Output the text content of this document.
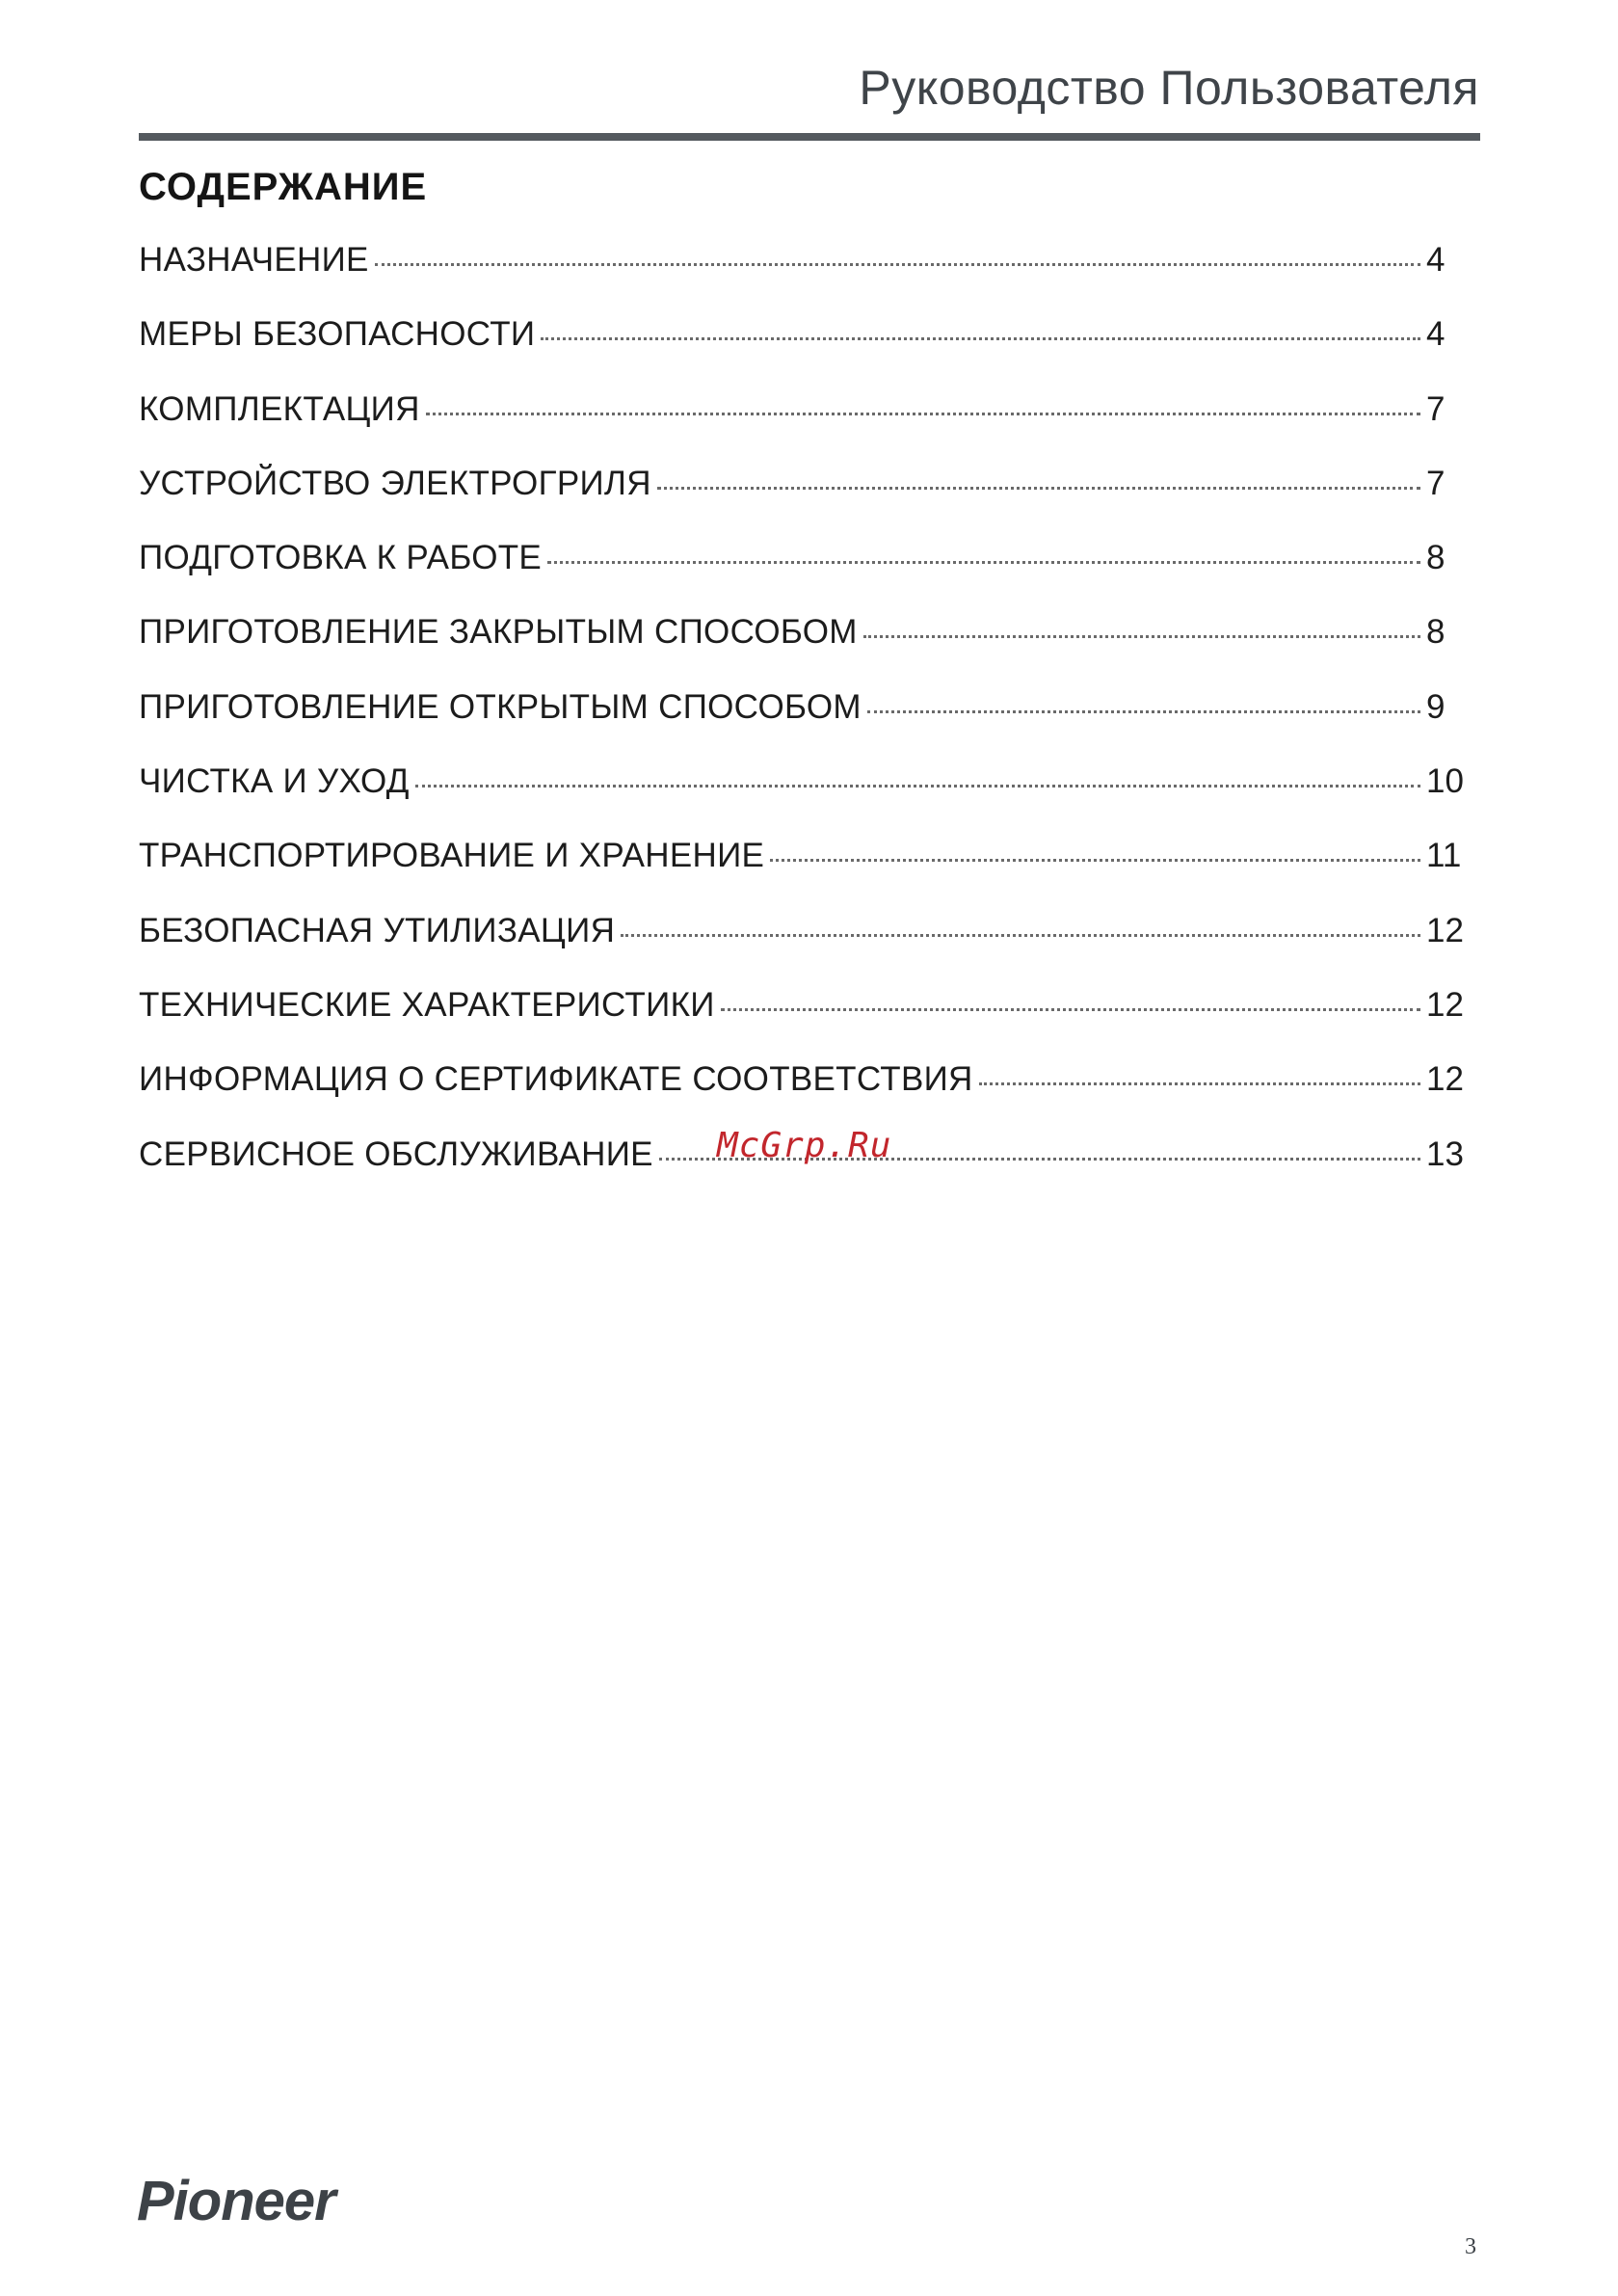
Руководство Пользователя
СОДЕРЖАНИЕ
НАЗНАЧЕНИЕ	4
МЕРЫ БЕЗОПАСНОСТИ	4
КОМПЛЕКТАЦИЯ	7
УСТРОЙСТВО ЭЛЕКТРОГРИЛЯ	7
ПОДГОТОВКА К РАБОТЕ	8
ПРИГОТОВЛЕНИЕ ЗАКРЫТЫМ СПОСОБОМ	8
ПРИГОТОВЛЕНИЕ ОТКРЫТЫМ СПОСОБОМ	9
ЧИСТКА И УХОД	10
ТРАНСПОРТИРОВАНИЕ И ХРАНЕНИЕ	11
БЕЗОПАСНАЯ УТИЛИЗАЦИЯ	12
ТЕХНИЧЕСКИЕ ХАРАКТЕРИСТИКИ	12
ИНФОРМАЦИЯ О СЕРТИФИКАТЕ СООТВЕТСТВИЯ	12
СЕРВИСНОЕ ОБСЛУЖИВАНИЕ	13
McGrp.Ru
Pioneer
3
